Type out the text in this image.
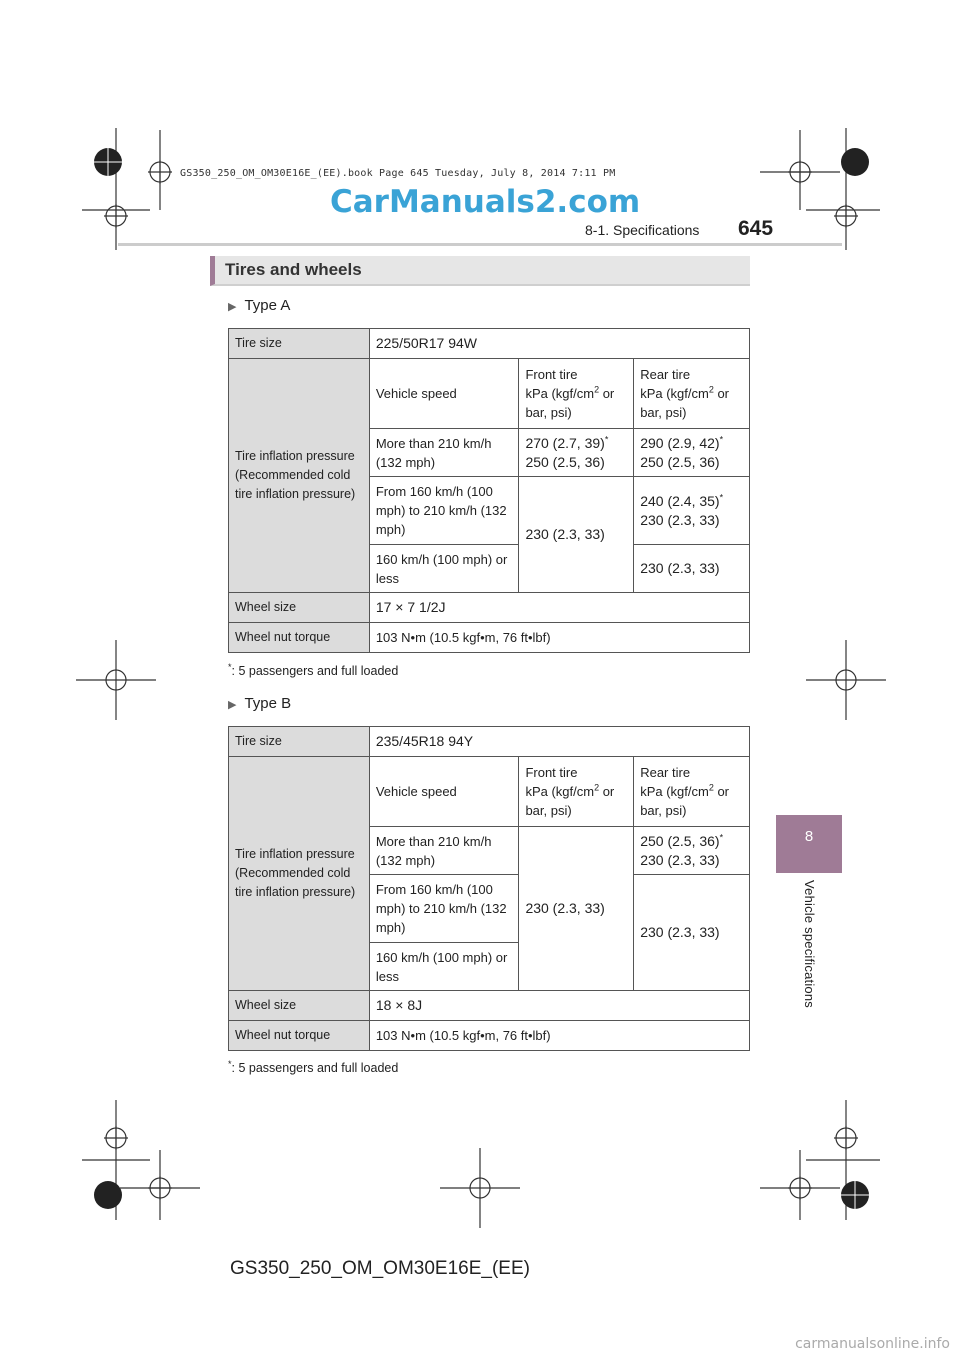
GS350_250_OM_OM30E16E_(EE).book Page 645 Tuesday, July 8, 2014 7:11 PM
CarManuals2.com
8-1. Specifications 645
8
Vehicle specifications
Tires and wheels
▶ Type A
Tire size	225/50R17 94W		
Tire inflation pressure (Recommended cold tire inflation pressure)	Vehicle speed	Front tire
kPa ($kgf/cm^2$ or bar, psi)	Rear tire
kPa ($kgf/cm^2$ or bar, psi)
	More than 210 km/h (132 mph)	270 (2.7, 39)*
250 (2.5, 36)	290 (2.9, 42)*
250 (2.5, 36)
	From 160 km/h (100 mph) to 210 km/h (132 mph)	230 (2.3, 33)	240 (2.4, 35)*
230 (2.3, 33)
	160 km/h (100 mph) or less		230 (2.3, 33)
Wheel size	17 × 7 1/2J		
Wheel nut torque	103 N•m (10.5 kgf•m, 76 ft•lbf)		
*: 5 passengers and full loaded
▶ Type B
Tire size	235/45R18 94Y		
Tire inflation pressure (Recommended cold tire inflation pressure)	Vehicle speed	Front tire
kPa ($kgf/cm^2$ or bar, psi)	Rear tire
kPa ($kgf/cm^2$ or bar, psi)
	More than 210 km/h (132 mph)	230 (2.3, 33)	250 (2.5, 36)*
230 (2.3, 33)
	From 160 km/h (100 mph) to 210 km/h (132 mph)		230 (2.3, 33)
	160 km/h (100 mph) or less		
Wheel size	18 × 8J		
Wheel nut torque	103 N•m (10.5 kgf•m, 76 ft•lbf)		
*: 5 passengers and full loaded
GS350_250_OM_OM30E16E_(EE)
carmanualsonline.info
